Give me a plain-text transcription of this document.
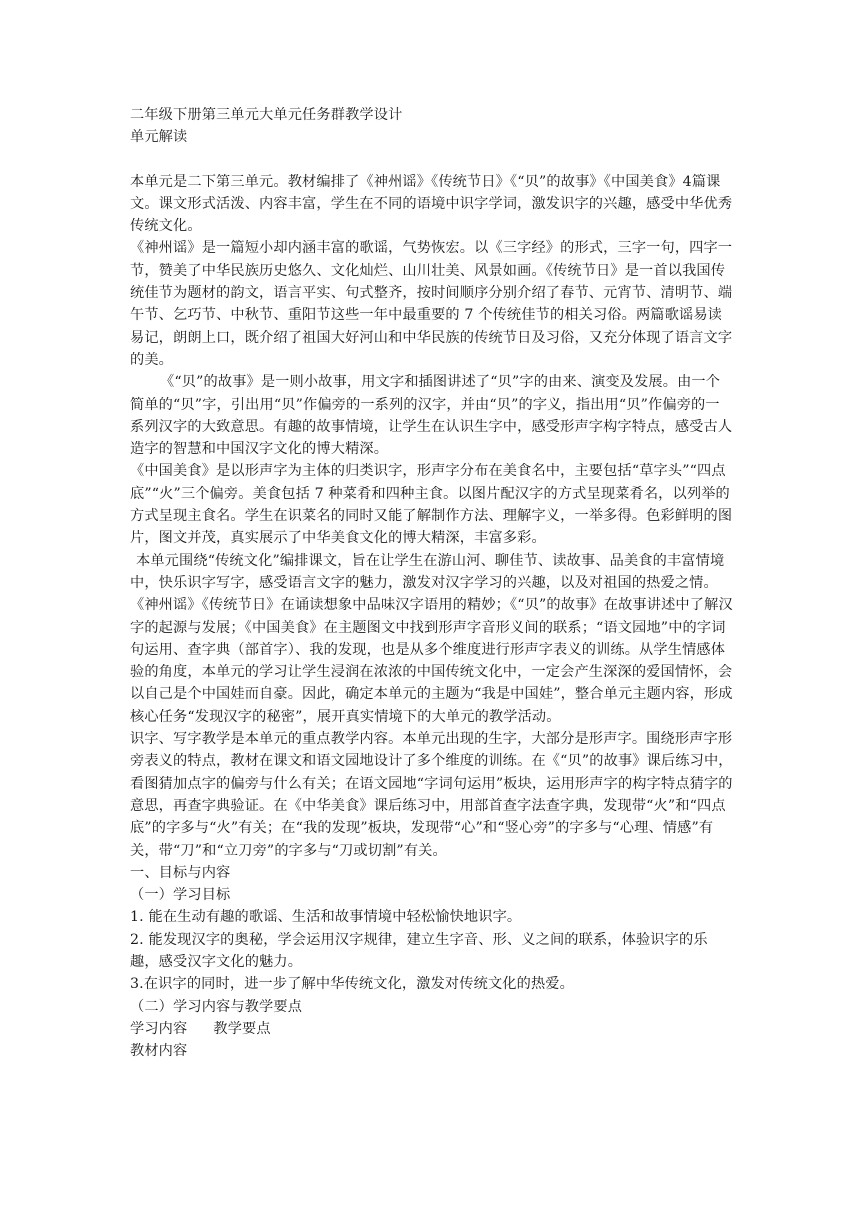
二年级下册第三单元大单元任务群教学设计

单元解读

本单元是二下第三单元。教材编排了《神州谣》《传统节日》《“贝”的故事》《中国美食》4篇课文。课文形式活泼、内容丰富，学生在不同的语境中识字学词，激发识字的兴趣，感受中华优秀传统文化。

《神州谣》是一篇短小却内涵丰富的歌谣，气势恢宏。以《三字经》的形式，三字一句，四字一节，赞美了中华民族历史悠久、文化灿烂、山川壮美、风景如画。《传统节日》是一首以我国传统佳节为题材的韵文，语言平实、句式整齐，按时间顺序分别介绍了春节、元宵节、清明节、端午节、乞巧节、中秋节、重阳节这些一年中最重要的 7 个传统佳节的相关习俗。两篇歌谣易读易记，朗朗上口，既介绍了祖国大好河山和中华民族的传统节日及习俗，又充分体现了语言文字的美。

《“贝”的故事》是一则小故事，用文字和插图讲述了“贝”字的由来、演变及发展。由一个简单的“贝”字，引出用“贝”作偏旁的一系列的汉字，并由“贝”的字义，指出用“贝”作偏旁的一系列汉字的大致意思。有趣的故事情境，让学生在认识生字中，感受形声字构字特点，感受古人造字的智慧和中国汉字文化的博大精深。

《中国美食》是以形声字为主体的归类识字，形声字分布在美食名中，主要包括“草字头”“四点底”“火”三个偏旁。美食包括 7 种菜肴和四种主食。以图片配汉字的方式呈现菜肴名，以列举的方式呈现主食名。学生在识菜名的同时又能了解制作方法、理解字义，一举多得。色彩鲜明的图片，图文并茂，真实展示了中华美食文化的博大精深，丰富多彩。

本单元围绕“传统文化”编排课文，旨在让学生在游山河、聊佳节、读故事、品美食的丰富情境中，快乐识字写字，感受语言文字的魅力，激发对汉字学习的兴趣，以及对祖国的热爱之情。《神州谣》《传统节日》在诵读想象中品味汉字语用的精妙；《“贝”的故事》在故事讲述中了解汉字的起源与发展；《中国美食》在主题图文中找到形声字音形义间的联系；“语文园地”中的字词句运用、查字典（部首字）、我的发现，也是从多个维度进行形声字表义的训练。从学生情感体验的角度，本单元的学习让学生浸润在浓浓的中国传统文化中，一定会产生深深的爱国情怀，会以自己是个中国娃而自豪。因此，确定本单元的主题为“我是中国娃”，整合单元主题内容，形成核心任务“发现汉字的秘密”，展开真实情境下的大单元的教学活动。

识字、写字教学是本单元的重点教学内容。本单元出现的生字，大部分是形声字。围绕形声字形旁表义的特点，教材在课文和语文园地设计了多个维度的训练。在《“贝”的故事》课后练习中，看图猜加点字的偏旁与什么有关；在语文园地“字词句运用”板块，运用形声字的构字特点猜字的意思，再查字典验证。在《中华美食》课后练习中，用部首查字法查字典，发现带“火”和“四点底”的字多与“火”有关；在“我的发现”板块，发现带“心”和“竖心旁”的字多与“心理、情感”有关，带“刀”和“立刀旁”的字多与“刀或切割”有关。

一、目标与内容

（一）学习目标

1. 能在生动有趣的歌谣、生活和故事情境中轻松愉快地识字。

2. 能发现汉字的奥秘，学会运用汉字规律，建立生字音、形、义之间的联系，体验识字的乐趣，感受汉字文化的魅力。

3.在识字的同时，进一步了解中华传统文化，激发对传统文化的热爱。

（二）学习内容与教学要点

学习内容 教学要点

教材内容
